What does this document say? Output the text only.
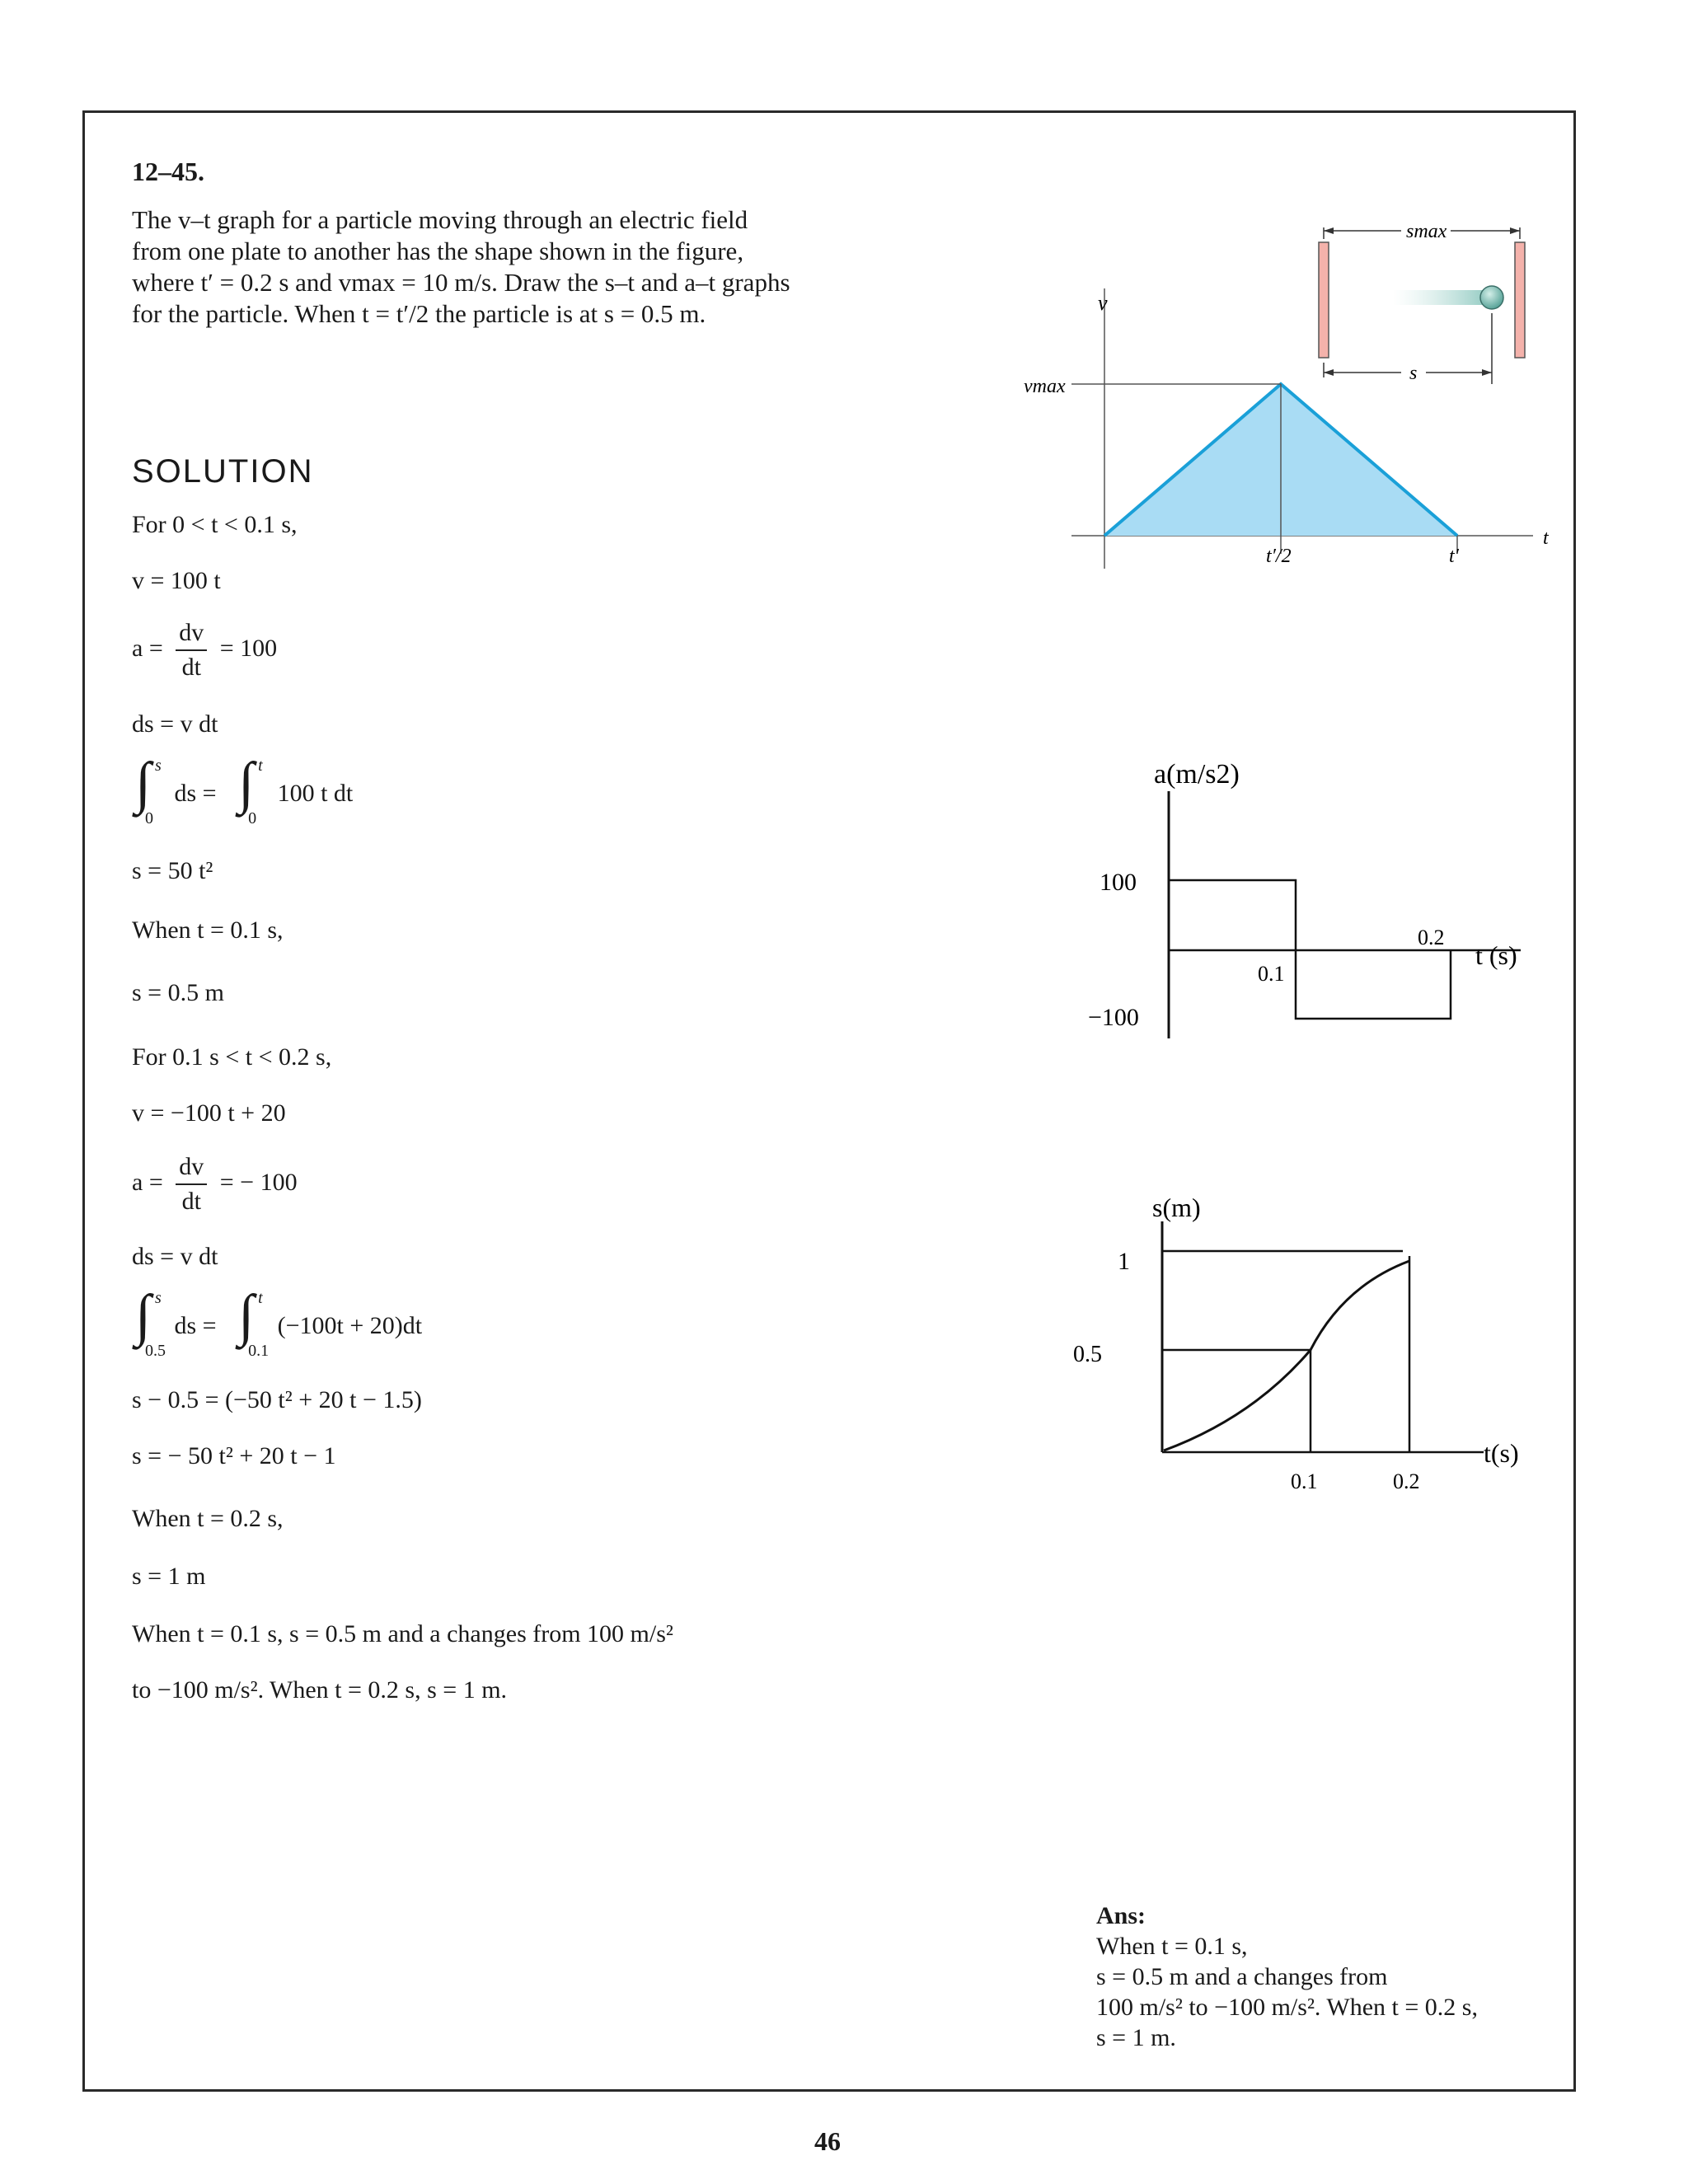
12–45.
The v–t graph for a particle moving through an electric field
from one plate to another has the shape shown in the figure,
where t′ = 0.2 s and vmax = 10 m/s. Draw the s–t and a–t graphs
for the particle. When t = t′/2 the particle is at s = 0.5 m.
SOLUTION
For 0 < t < 0.1 s,
v = 100 t
$a = \frac{dv}{dt} = 100$
ds = v dt
∫ s
0
ds = ∫ t
0
100 t dt
s = 50 t²
When t = 0.1 s,
s = 0.5 m
For 0.1 s < t < 0.2 s,
v = −100 t + 20
$a = \frac{dv}{dt}$ = − 100
ds = v dt
∫ s
0.5
ds = ∫ t
0.1
(−100t + 20)dt
s − 0.5 = (−50 t² + 20 t − 1.5)
s = − 50 t² + 20 t − 1
When t = 0.2 s,
s = 1 m
When t = 0.1 s, s = 0.5 m and a changes from 100 m/s²
to −100 m/s². When t = 0.2 s, s = 1 m.
smax
s
v
t
vmax
t′/2	t′
a(m/s2)
100
−100
0.1
0.2
t (s)
s(m)
1
0.5
0.1	0.2
t(s)
Ans:
When t = 0.1 s,
s = 0.5 m and a changes from
100 m/s² to −100 m/s². When t = 0.2 s,
s = 1 m.
46
